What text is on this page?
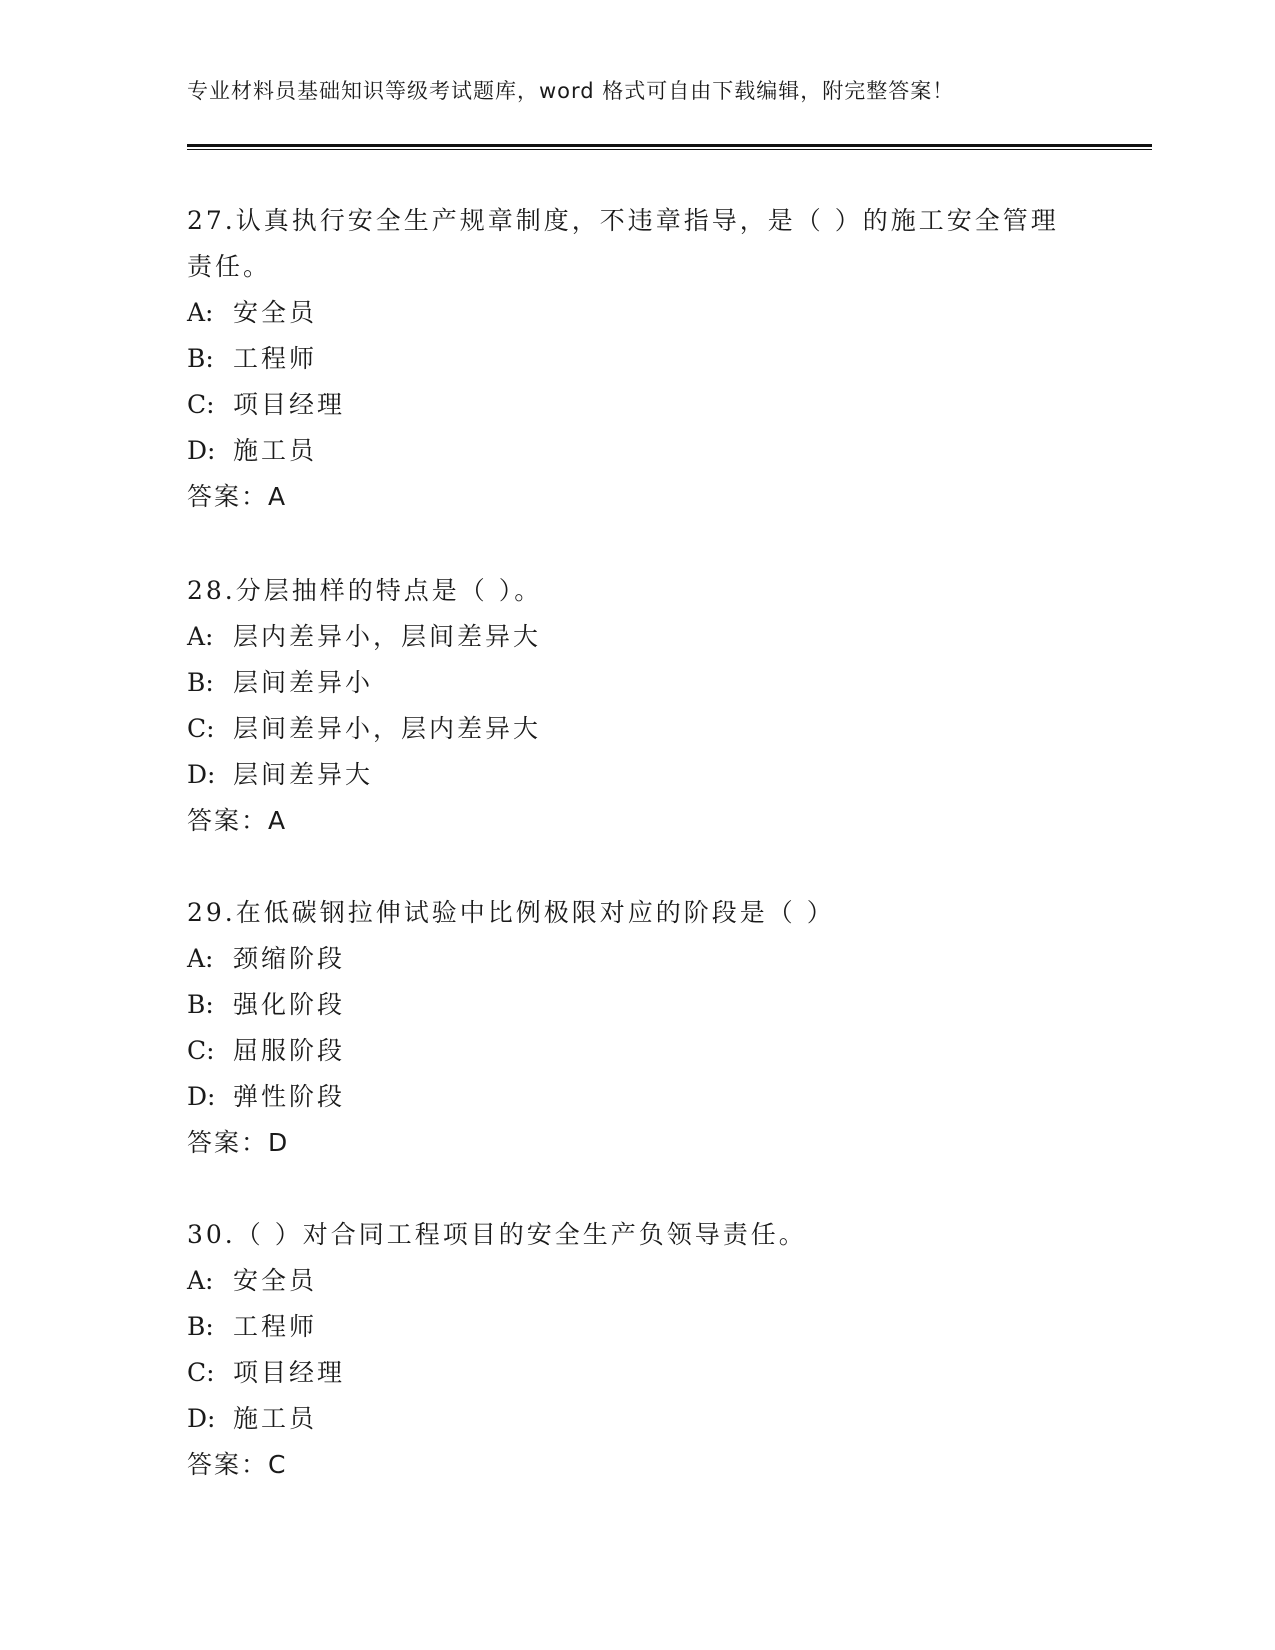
专业材料员基础知识等级考试题库，word 格式可自由下载编辑，附完整答案！

27.认真执行安全生产规章制度，不违章指导，是（ ）的施工安全管理责任。

A: 安全员

B: 工程师

C: 项目经理

D: 施工员

答案：A

28.分层抽样的特点是（ ）。

A: 层内差异小，层间差异大

B: 层间差异小

C: 层间差异小，层内差异大

D: 层间差异大

答案：A

29.在低碳钢拉伸试验中比例极限对应的阶段是（ ）

A: 颈缩阶段

B: 强化阶段

C: 屈服阶段

D: 弹性阶段

答案：D

30.（ ）对合同工程项目的安全生产负领导责任。

A: 安全员

B: 工程师

C: 项目经理

D: 施工员

答案：C
